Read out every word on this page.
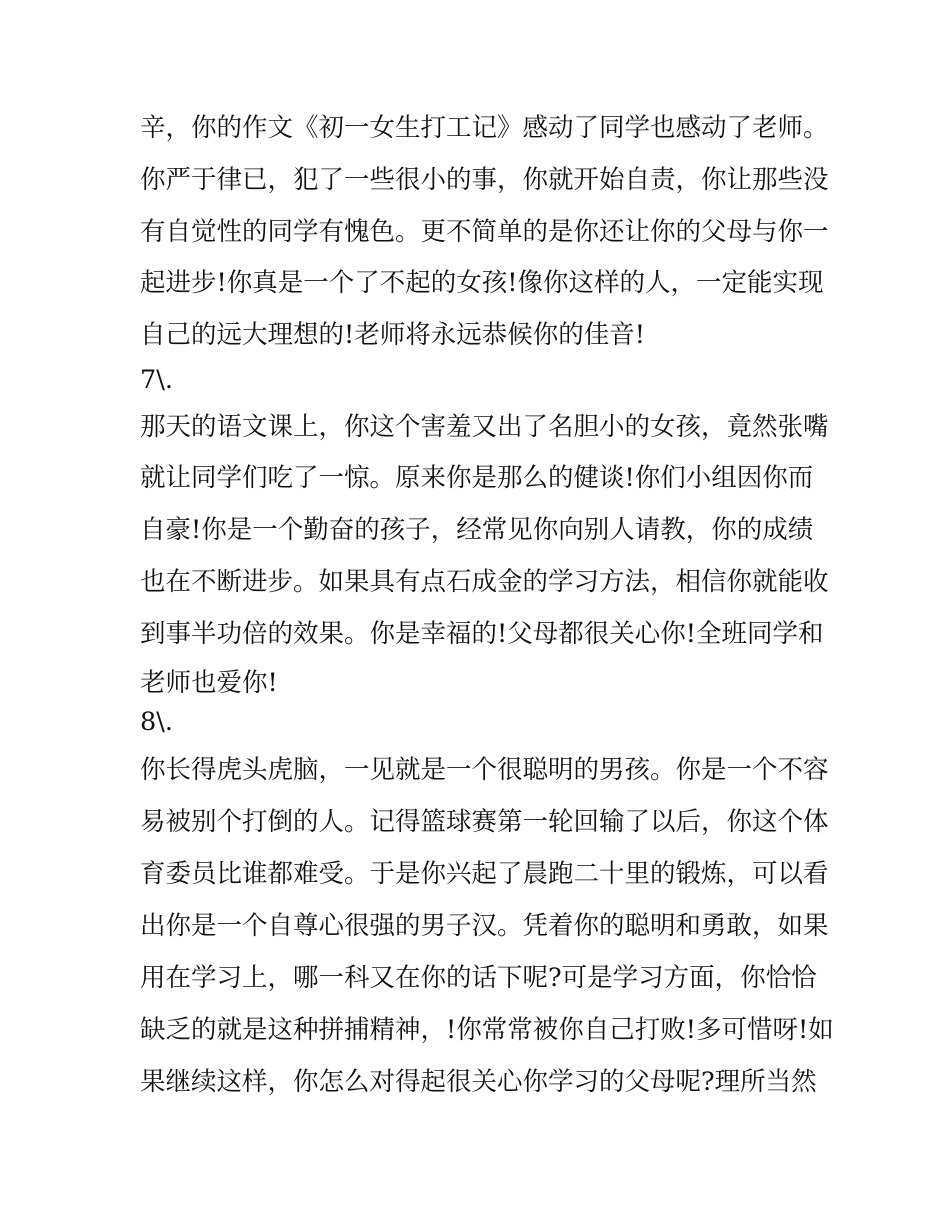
辛，你的作文《初一女生打工记》感动了同学也感动了老师。
你严于律已，犯了一些很小的事，你就开始自责，你让那些没
有自觉性的同学有愧色。更不简单的是你还让你的父母与你一
起进步!你真是一个了不起的女孩!像你这样的人，一定能实现
自己的远大理想的!老师将永远恭候你的佳音!
7\.
那天的语文课上，你这个害羞又出了名胆小的女孩，竟然张嘴
就让同学们吃了一惊。原来你是那么的健谈!你们小组因你而
自豪!你是一个勤奋的孩子，经常见你向别人请教，你的成绩
也在不断进步。如果具有点石成金的学习方法，相信你就能收
到事半功倍的效果。你是幸福的!父母都很关心你!全班同学和
老师也爱你!
8\.
你长得虎头虎脑，一见就是一个很聪明的男孩。你是一个不容
易被别个打倒的人。记得篮球赛第一轮回输了以后，你这个体
育委员比谁都难受。于是你兴起了晨跑二十里的锻炼，可以看
出你是一个自尊心很强的男子汉。凭着你的聪明和勇敢，如果
用在学习上，哪一科又在你的话下呢?可是学习方面，你恰恰
缺乏的就是这种拼捕精神，!你常常被你自己打败!多可惜呀!如
果继续这样，你怎么对得起很关心你学习的父母呢?理所当然
